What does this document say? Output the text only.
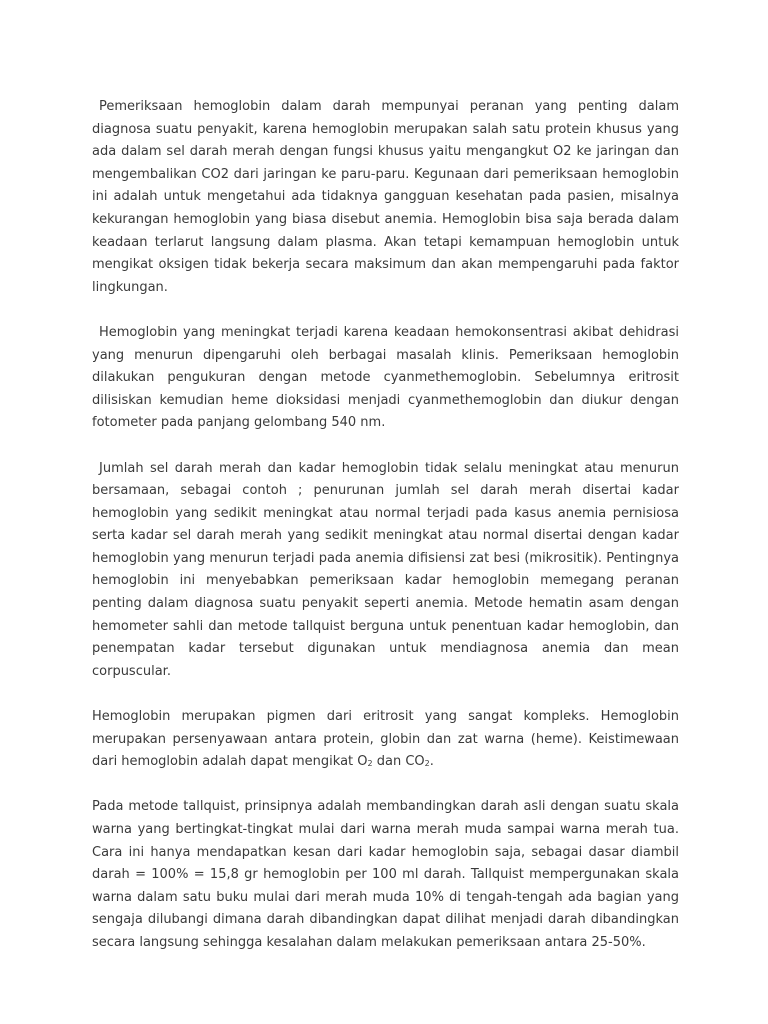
Pemeriksaan hemoglobin dalam darah mempunyai peranan yang penting dalam diagnosa suatu penyakit, karena hemoglobin merupakan salah satu protein khusus yang ada dalam sel darah merah dengan fungsi khusus yaitu mengangkut O2 ke jaringan dan mengembalikan CO2 dari jaringan ke paru-paru. Kegunaan dari pemeriksaan hemoglobin ini adalah untuk mengetahui ada tidaknya gangguan kesehatan pada pasien, misalnya kekurangan hemoglobin yang biasa disebut anemia. Hemoglobin bisa saja berada dalam keadaan terlarut langsung dalam plasma. Akan tetapi kemampuan hemoglobin untuk mengikat oksigen tidak bekerja secara maksimum dan akan mempengaruhi pada faktor lingkungan.

Hemoglobin yang meningkat terjadi karena keadaan hemokonsentrasi akibat dehidrasi yang menurun dipengaruhi oleh berbagai masalah klinis. Pemeriksaan hemoglobin dilakukan pengukuran dengan metode cyanmethemoglobin. Sebelumnya eritrosit dilisiskan kemudian heme dioksidasi menjadi cyanmethemoglobin dan diukur dengan fotometer pada panjang gelombang 540 nm.

Jumlah sel darah merah dan kadar hemoglobin tidak selalu meningkat atau menurun bersamaan, sebagai contoh ; penurunan jumlah sel darah merah disertai kadar hemoglobin yang sedikit meningkat atau normal terjadi pada kasus anemia pernisiosa serta kadar sel darah merah yang sedikit meningkat atau normal disertai dengan kadar hemoglobin yang menurun terjadi pada anemia difisiensi zat besi (mikrositik). Pentingnya hemoglobin ini menyebabkan pemeriksaan kadar hemoglobin memegang peranan penting dalam diagnosa suatu penyakit seperti anemia. Metode hematin asam dengan hemometer sahli dan metode tallquist berguna untuk penentuan kadar hemoglobin, dan penempatan kadar tersebut digunakan untuk mendiagnosa anemia dan mean corpuscular.

Hemoglobin merupakan pigmen dari eritrosit yang sangat kompleks. Hemoglobin merupakan persenyawaan antara protein, globin dan zat warna (heme). Keistimewaan dari hemoglobin adalah dapat mengikat $O_2$ dan $CO_2$.

Pada metode tallquist, prinsipnya adalah membandingkan darah asli dengan suatu skala warna yang bertingkat-tingkat mulai dari warna merah muda sampai warna merah tua. Cara ini hanya mendapatkan kesan dari kadar hemoglobin saja, sebagai dasar diambil darah = 100% = 15,8 gr hemoglobin per 100 ml darah. Tallquist mempergunakan skala warna dalam satu buku mulai dari merah muda 10% di tengah-tengah ada bagian yang sengaja dilubangi dimana darah dibandingkan dapat dilihat menjadi darah dibandingkan secara langsung sehingga kesalahan dalam melakukan pemeriksaan antara 25-50%.
